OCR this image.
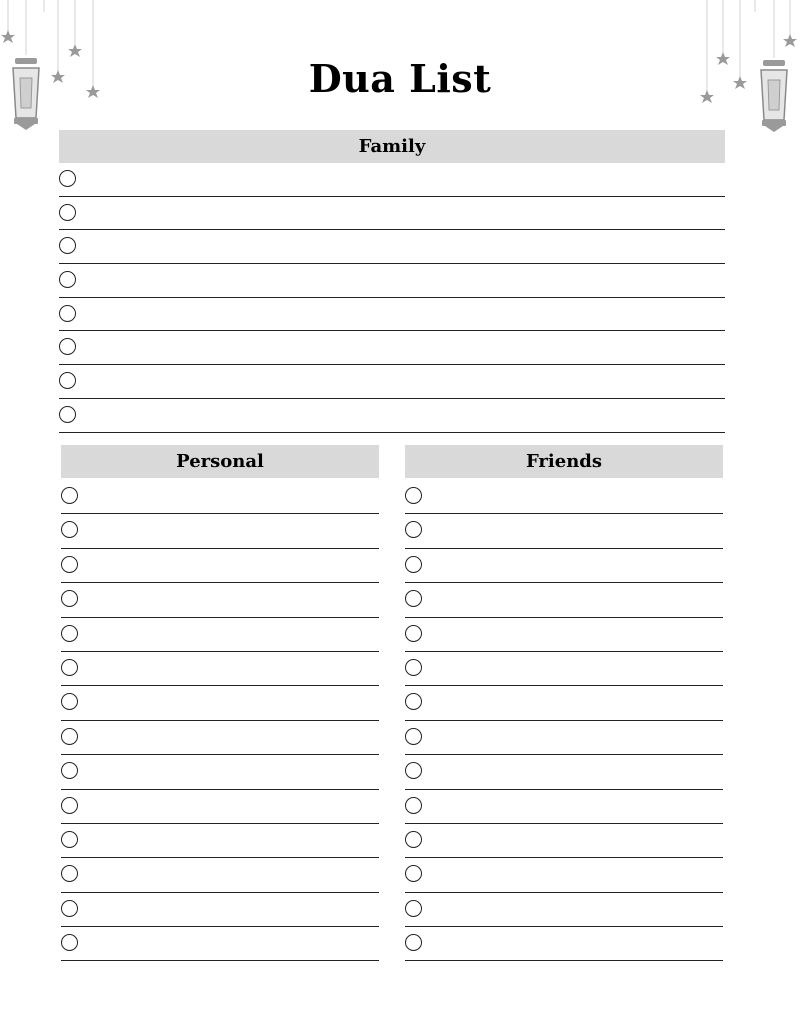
Dua List
Family
Personal	Friends
